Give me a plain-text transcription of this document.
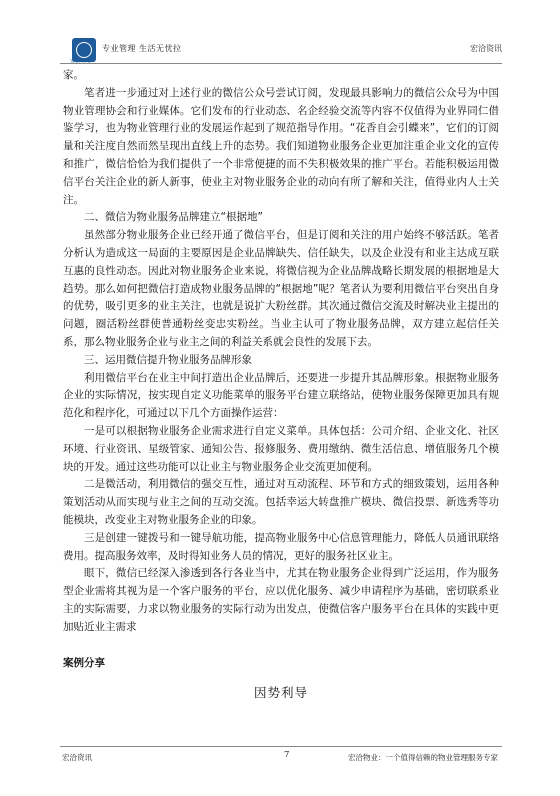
宏洽物业
专业管理 生活无忧拉	宏洽资讯

家。

笔者进一步通过对上述行业的微信公众号尝试订阅，发现最具影响力的微信公众号为中国物业管理协会和行业媒体。它们发布的行业动态、名企经验交流等内容不仅值得为业界同仁借鉴学习，也为物业管理行业的发展运作起到了规范指导作用。“花香自会引蝶来”，它们的订阅量和关注度自然而然呈现出直线上升的态势。我们知道物业服务企业更加注重企业文化的宣传和推广，微信恰恰为我们提供了一个非常便捷的而不失积极效果的推广平台。若能积极运用微信平台关注企业的新人新事，使业主对物业服务企业的动向有所了解和关注，值得业内人士关注。

二、微信为物业服务品牌建立“根据地”

虽然部分物业服务企业已经开通了微信平台，但是订阅和关注的用户始终不够活跃。笔者分析认为造成这一局面的主要原因是企业品牌缺失、信任缺失，以及企业没有和业主达成互联互惠的良性动态。因此对物业服务企业来说，将微信视为企业品牌战略长期发展的根据地是大趋势。那么如何把微信打造成物业服务品牌的“根据地”呢？笔者认为要利用微信平台突出自身的优势，吸引更多的业主关注，也就是说扩大粉丝群。其次通过微信交流及时解决业主提出的问题，圈活粉丝群使普通粉丝变忠实粉丝。当业主认可了物业服务品牌，双方建立起信任关系，那么物业服务企业与业主之间的利益关系就会良性的发展下去。

三、运用微信提升物业服务品牌形象

利用微信平台在业主中间打造出企业品牌后，还要进一步提升其品牌形象。根据物业服务企业的实际情况，按实现自定义功能菜单的服务平台建立联络站，使物业服务保障更加具有规范化和程序化，可通过以下几个方面操作运营：

一是可以根据物业服务企业需求进行自定义菜单。具体包括：公司介绍、企业文化、社区环境、行业资讯、星级管家、通知公告、报修服务、费用缴纳、微生活信息、增值服务几个模块的开发。通过这些功能可以让业主与物业服务企业交流更加便利。

二是微活动，利用微信的强交互性，通过对互动流程、环节和方式的细致策划，运用各种策划活动从而实现与业主之间的互动交流。包括幸运大转盘推广模块、微信投票、新选秀等功能模块，改变业主对物业服务企业的印象。

三是创建一键拨号和一键导航功能，提高物业服务中心信息管理能力，降低人员通讯联络费用。提高服务效率，及时得知业务人员的情况，更好的服务社区业主。

眼下，微信已经深入渗透到各行各业当中，尤其在物业服务企业得到广泛运用，作为服务型企业需将其视为是一个客户服务的平台，应以优化服务、减少申请程序为基础，密切联系业主的实际需要，力求以物业服务的实际行动为出发点，使微信客户服务平台在具体的实践中更加贴近业主需求

案例分享

因势利导

宏洽资讯	7	宏洽物业：一个值得信赖的物业管理服务专家
